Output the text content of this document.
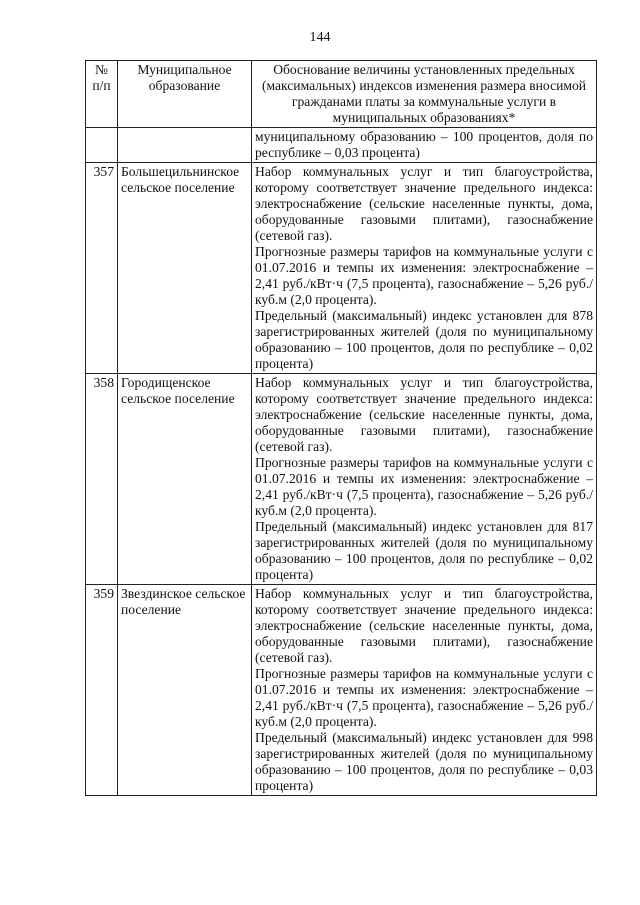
144
№ п/п	Муниципальное образование	Обоснование величины установленных предельных (максимальных) индексов изменения размера вносимой гражданами платы за коммунальные услуги в муниципальных образованиях*

		муниципальному образованию – 100 процентов, доля по республике – 0,03 процента)

357	Большецильнинское сельское поселение	Набор коммунальных услуг и тип благоустройства, которому соответствует значение предельного индекса: электроснабжение (сельские населенные пункты, дома, оборудованные газовыми плитами), газоснабжение (сетевой газ).

Прогнозные размеры тарифов на коммунальные услуги с 01.07.2016 и темпы их изменения: электроснабжение – 2,41 руб./кВт·ч (7,5 процента), газоснабжение – 5,26 руб./куб.м (2,0 процента).

Предельный (максимальный) индекс установлен для 878 зарегистрированных жителей (доля по муниципальному образованию – 100 процентов, доля по республике – 0,02 процента)

358	Городищенское сельское поселение	Набор коммунальных услуг и тип благоустройства, которому соответствует значение предельного индекса: электроснабжение (сельские населенные пункты, дома, оборудованные газовыми плитами), газоснабжение (сетевой газ).

Прогнозные размеры тарифов на коммунальные услуги с 01.07.2016 и темпы их изменения: электроснабжение – 2,41 руб./кВт·ч (7,5 процента), газоснабжение – 5,26 руб./куб.м (2,0 процента).

Предельный (максимальный) индекс установлен для 817 зарегистрированных жителей (доля по муниципальному образованию – 100 процентов, доля по республике – 0,02 процента)

359	Звездинское сельское поселение	Набор коммунальных услуг и тип благоустройства, которому соответствует значение предельного индекса: электроснабжение (сельские населенные пункты, дома, оборудованные газовыми плитами), газоснабжение (сетевой газ).

Прогнозные размеры тарифов на коммунальные услуги с 01.07.2016 и темпы их изменения: электроснабжение – 2,41 руб./кВт·ч (7,5 процента), газоснабжение – 5,26 руб./куб.м (2,0 процента).

Предельный (максимальный) индекс установлен для 998 зарегистрированных жителей (доля по муниципальному образованию – 100 процентов, доля по республике – 0,03 процента)
